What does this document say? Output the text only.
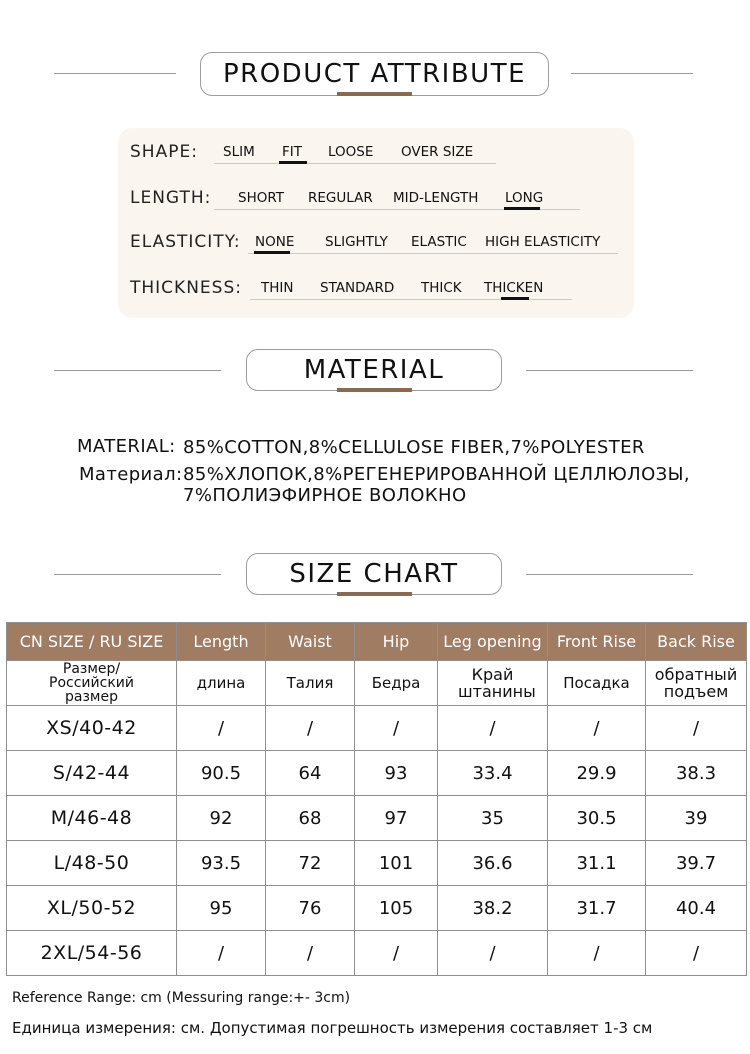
PRODUCT ATTRIBUTE
SHAPE: SLIM FIT LOOSE OVER SIZE
LENGTH: SHORT REGULAR MID-LENGTH LONG
ELASTICITY: NONE SLIGHTLY ELASTIC HIGH ELASTICITY
THICKNESS: THIN STANDARD THICK THICKEN
MATERIAL
MATERIAL: 85%COTTON,8%CELLULOSE FIBER,7%POLYESTER
Материал: 85%ХЛОПОК,8%РЕГЕНЕРИРОВАННОЙ ЦЕЛЛЮЛОЗЫ,
7%ПОЛИЭФИРНОЕ ВОЛОКНО
SIZE CHART
CN SIZE / RU SIZE	Length	Waist	Hip	Leg opening	Front Rise	Back Rise
Размер/Российский размер	длина	Талия	Бедра	Край штанины	Посадка	обратный подъем
XS/40-42	/	/	/	/	/	/
S/42-44	90.5	64	93	33.4	29.9	38.3
M/46-48	92	68	97	35	30.5	39
L/48-50	93.5	72	101	36.6	31.1	39.7
XL/50-52	95	76	105	38.2	31.7	40.4
2XL/54-56	/	/	/	/	/	/
Reference Range: cm (Messuring range:+- 3cm)
Единица измерения: см. Допустимая погрешность измерения составляет 1-3 см
